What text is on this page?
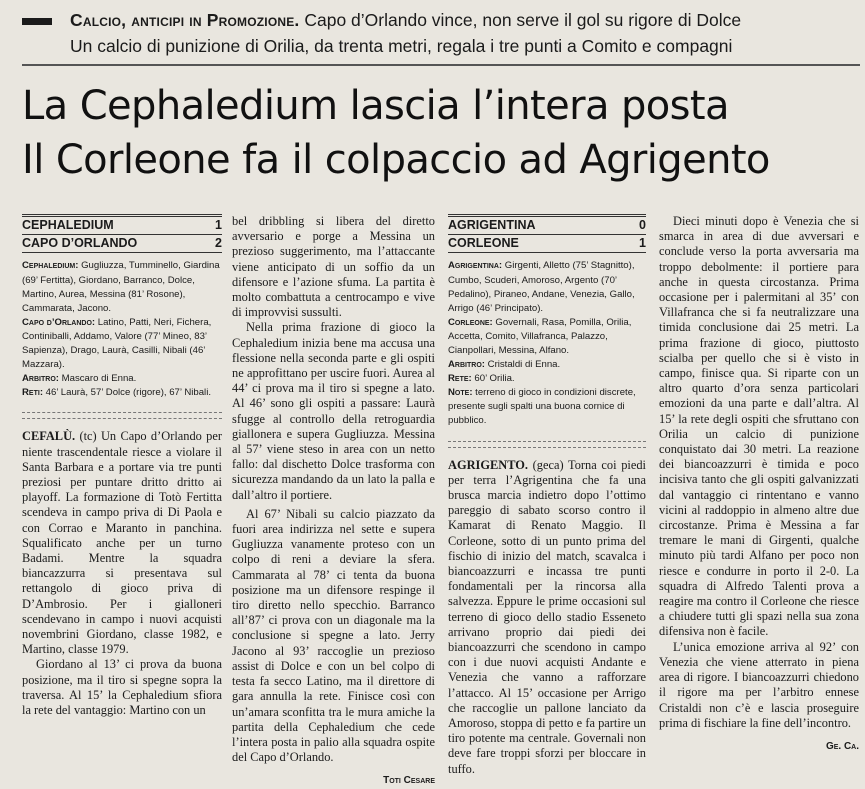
Calcio, anticipi in Promozione. Capo d’Orlando vince, non serve il gol su rigore di Dolce
Un calcio di punizione di Orilia, da trenta metri, regala i tre punti a Comito e compagni
La Cephaledium lascia l’intera posta
Il Corleone fa il colpaccio ad Agrigento
CEPHALEDIUM	1
CAPO D’ORLANDO	2

Cephaledium: Gugliuzza, Tumminello, Giardina (69’ Fertitta), Giordano, Barranco, Dolce, Martino, Aurea, Messina (81’ Rosone), Cammarata, Jacono.

Capo d’Orlando: Latino, Patti, Neri, Fichera, Continiballi, Addamo, Valore (77’ Mineo, 83’ Sapienza), Drago, Laurà, Casilli, Nibali (46’ Mazzara).

Arbitro: Mascaro di Enna.

Reti: 46’ Laurà, 57’ Dolce (rigore), 67’ Nibali.

CEFALÙ. (tc) Un Capo d’Orlando per niente trascendentale riesce a violare il Santa Barbara e a portare via tre punti preziosi per puntare dritto dritto ai playoff. La formazione di Totò Fertitta scendeva in campo priva di Di Paola e con Corrao e Maranto in panchina. Squalificato anche per un turno Badami. Mentre la squadra biancazzurra si presentava sul rettangolo di gioco priva di D’Ambrosio. Per i gialloneri scendevano in campo i nuovi acquisti novembrini Giordano, classe 1982, e Martino, classe 1979.

Giordano al 13’ ci prova da buona posizione, ma il tiro si spegne sopra la traversa. Al 15’ la Cephaledium sfiora la rete del vantaggio: Martino con un

bel dribbling si libera del diretto avversario e porge a Messina un prezioso suggerimento, ma l’attaccante viene anticipato di un soffio da un difensore e l’azione sfuma. La partita è molto combattuta a centrocampo e vive di improvvisi sussulti.

Nella prima frazione di gioco la Cephaledium inizia bene ma accusa una flessione nella seconda parte e gli ospiti ne approfittano per uscire fuori. Aurea al 44’ ci prova ma il tiro si spegne a lato. Al 46’ sono gli ospiti a passare: Laurà sfugge al controllo della retroguardia giallonera e supera Gugliuzza. Messina al 57’ viene steso in area con un netto fallo: dal dischetto Dolce trasforma con sicurezza mandando da un lato la palla e dall’altro il portiere.

Al 67’ Nibali su calcio piazzato da fuori area indirizza nel sette e supera Gugliuzza vanamente proteso con un colpo di reni a deviare la sfera. Cammarata al 78’ ci tenta da buona posizione ma un difensore respinge il tiro diretto nello specchio. Barranco all’87’ ci prova con un diagonale ma la conclusione si spegne a lato. Jerry Jacono al 93’ raccoglie un prezioso assist di Dolce e con un bel colpo di testa fa secco Latino, ma il direttore di gara annulla la rete. Finisce così con un’amara sconfitta tra le mura amiche la partita della Cephaledium che cede l’intera posta in palio alla squadra ospite del Capo d’Orlando.

Toti Cesare
AGRIGENTINA	0
CORLEONE	1

Agrigentina: Girgenti, Alletto (75’ Stagnitto), Cumbo, Scuderi, Amoroso, Argento (70’ Pedalino), Piraneo, Andane, Venezia, Gallo, Arrigo (46’ Principato).

Corleone: Governali, Rasa, Pomilla, Orilia, Accetta, Comito, Villafranca, Palazzo, Cianpollari, Messina, Alfano.

Arbitro: Cristaldi di Enna.

Rete: 60’ Orilia.

Note: terreno di gioco in condizioni discrete, presente sugli spalti una buona cornice di pubblico.

AGRIGENTO. (geca) Torna coi piedi per terra l’Agrigentina che fa una brusca marcia indietro dopo l’ottimo pareggio di sabato scorso contro il Kamarat di Renato Maggio. Il Corleone, sotto di un punto prima del fischio di inizio del match, scavalca i biancoazzurri e incassa tre punti fondamentali per la rincorsa alla salvezza. Eppure le prime occasioni sul terreno di gioco dello stadio Esseneto arrivano proprio dai piedi dei biancoazzurri che scendono in campo con i due nuovi acquisti Andante e Venezia che vanno a rafforzare l’attacco. Al 15’ occasione per Arrigo che raccoglie un pallone lanciato da Amoroso, stoppa di petto e fa partire un tiro potente ma centrale. Governali non deve fare troppi sforzi per bloccare in tuffo.

Dieci minuti dopo è Venezia che si smarca in area di due avversari e conclude verso la porta avversaria ma troppo debolmente: il portiere para anche in questa circostanza. Prima occasione per i palermitani al 35’ con Villafranca che si fa neutralizzare una timida conclusione dai 25 metri. La prima frazione di gioco, piuttosto scialba per quello che si è visto in campo, finisce qua. Si riparte con un altro quarto d’ora senza particolari emozioni da una parte e dall’altra. Al 15’ la rete degli ospiti che sfruttano con Orilia un calcio di punizione conquistato dai 30 metri. La reazione dei biancoazzurri è timida e poco incisiva tanto che gli ospiti galvanizzati dal vantaggio ci rintentano e vanno vicini al raddoppio in almeno altre due circostanze. Prima è Messina a far tremare le mani di Girgenti, qualche minuto più tardi Alfano per poco non riesce e condurre in porto il 2-0. La squadra di Alfredo Talenti prova a reagire ma contro il Corleone che riesce a chiudere tutti gli spazi nella sua zona difensiva non è facile.

L’unica emozione arriva al 92’ con Venezia che viene atterrato in piena area di rigore. I biancoazzurri chiedono il rigore ma per l’arbitro ennese Cristaldi non c’è e lascia proseguire prima di fischiare la fine dell’incontro.

Ge. Ca.
